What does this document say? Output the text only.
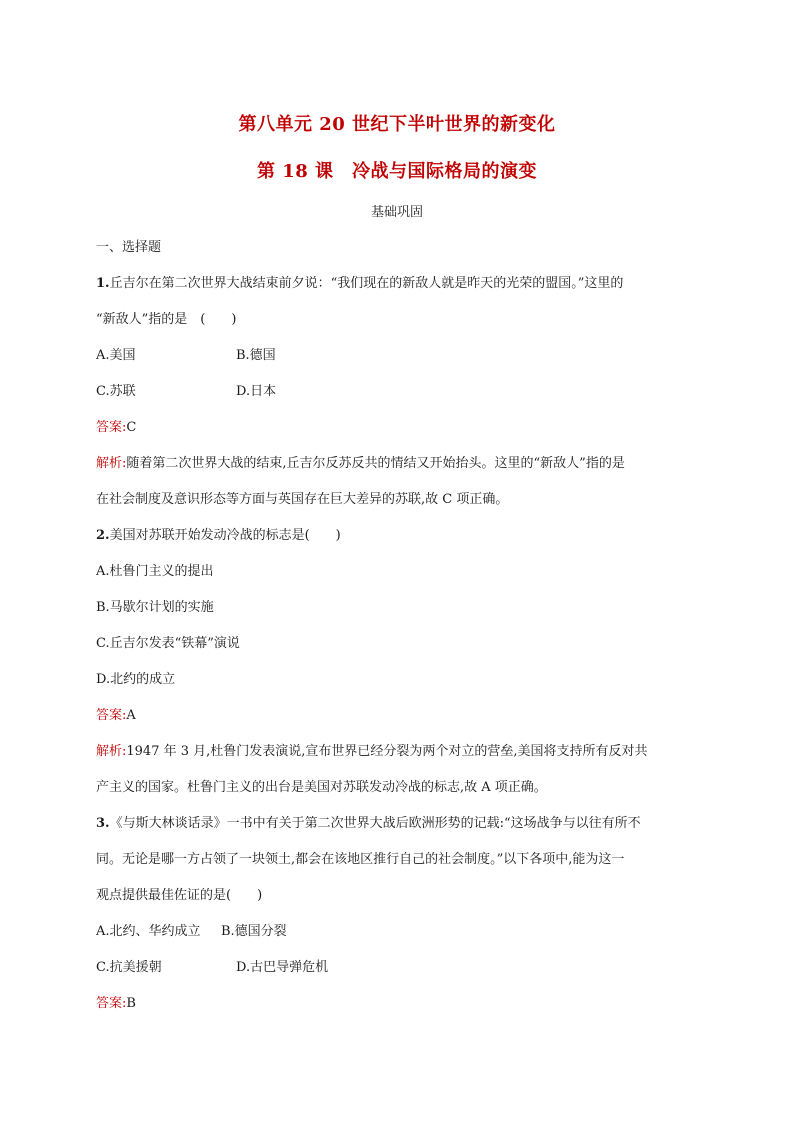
第八单元 20 世纪下半叶世界的新变化
第 18 课　冷战与国际格局的演变
基础巩固
一、选择题
1.丘吉尔在第二次世界大战结束前夕说：“我们现在的新敌人就是昨天的光荣的盟国。”这里的
“新敌人”指的是　(　　)
A.美国	B.德国
C.苏联	D.日本
答案:C
解析:随着第二次世界大战的结束,丘吉尔反苏反共的情结又开始抬头。这里的“新敌人”指的是
在社会制度及意识形态等方面与英国存在巨大差异的苏联,故 C 项正确。
2.美国对苏联开始发动冷战的标志是(　　)
A.杜鲁门主义的提出
B.马歇尔计划的实施
C.丘吉尔发表“铁幕”演说
D.北约的成立
答案:A
解析:1947 年 3 月,杜鲁门发表演说,宣布世界已经分裂为两个对立的营垒,美国将支持所有反对共
产主义的国家。杜鲁门主义的出台是美国对苏联发动冷战的标志,故 A 项正确。
3.《与斯大林谈话录》一书中有关于第二次世界大战后欧洲形势的记载:“这场战争与以往有所不
同。无论是哪一方占领了一块领土,都会在该地区推行自己的社会制度。”以下各项中,能为这一
观点提供最佳佐证的是(　　)
A.北约、华约成立 B.德国分裂
C.抗美援朝	D.古巴导弹危机
答案:B
